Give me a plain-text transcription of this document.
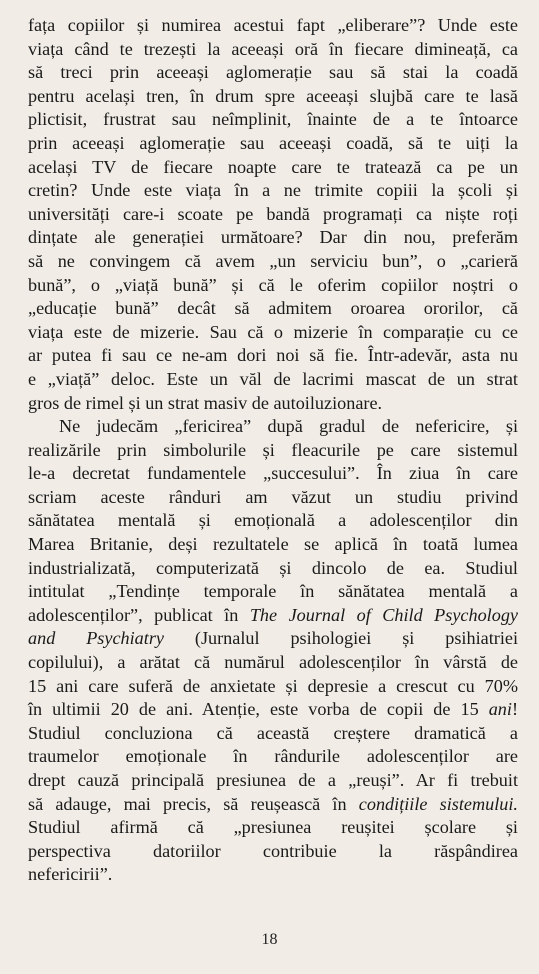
fața copiilor și numirea acestui fapt „eliberare”? Unde este
viața când te trezești la aceeași oră în fiecare dimineață, ca
să treci prin aceeași aglomerație sau să stai la coadă
pentru același tren, în drum spre aceeași slujbă care te lasă
plictisit, frustrat sau neîmplinit, înainte de a te întoarce
prin aceeași aglomerație sau aceeași coadă, să te uiți la
același TV de fiecare noapte care te tratează ca pe un
cretin? Unde este viața în a ne trimite copiii la școli și
universități care-i scoate pe bandă programați ca niște roți
dințate ale generației următoare? Dar din nou, preferăm
să ne convingem că avem „un serviciu bun”, o „carieră
bună”, o „viață bună” și că le oferim copiilor noștri o
„educație bună” decât să admitem oroarea ororilor, că
viața este de mizerie. Sau că o mizerie în comparație cu ce
ar putea fi sau ce ne-am dori noi să fie. Într-adevăr, asta nu
e „viață” deloc. Este un văl de lacrimi mascat de un strat
gros de rimel și un strat masiv de autoiluzionare.

Ne judecăm „fericirea” după gradul de nefericire, și
realizările prin simbolurile și fleacurile pe care sistemul
le-a decretat fundamentele „succesului”. În ziua în care
scriam aceste rânduri am văzut un studiu privind
sănătatea mentală și emoțională a adolescenților din
Marea Britanie, deși rezultatele se aplică în toată lumea
industrializată, computerizată și dincolo de ea. Studiul
intitulat „Tendințe temporale în sănătatea mentală a
adolescenților”, publicat în The Journal of Child Psychology
and Psychiatry (Jurnalul psihologiei și psihiatriei
copilului), a arătat că numărul adolescenților în vârstă de
15 ani care suferă de anxietate și depresie a crescut cu 70%
în ultimii 20 de ani. Atenție, este vorba de copii de 15 ani!
Studiul concluziona că această creștere dramatică a
traumelor emoționale în rândurile adolescenților are
drept cauză principală presiunea de a „reuși”. Ar fi trebuit
să adauge, mai precis, să reușească în condițiile sistemului.
Studiul afirmă că „presiunea reușitei școlare și
perspectiva datoriilor contribuie la răspândirea
nefericirii”.

18
